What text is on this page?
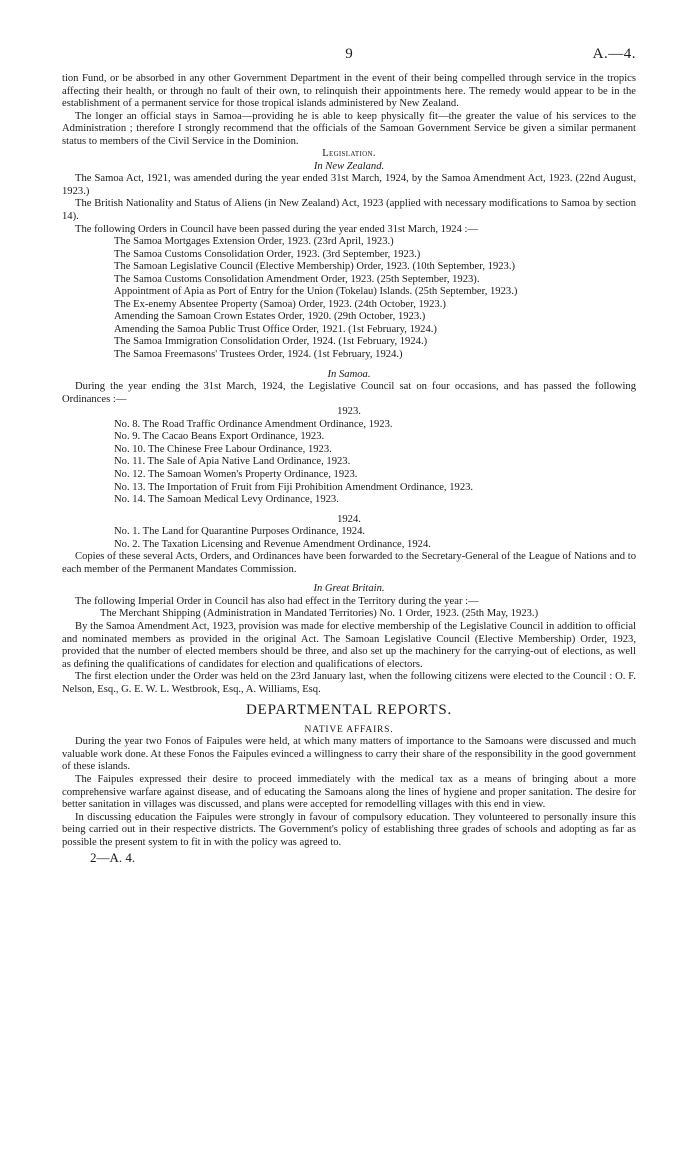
9	A.—4.

tion Fund, or be absorbed in any other Government Department in the event of their being compelled through service in the tropics affecting their health, or through no fault of their own, to relinquish their appointments here. The remedy would appear to be in the establishment of a permanent service for those tropical islands administered by New Zealand.

The longer an official stays in Samoa—providing he is able to keep physically fit—the greater the value of his services to the Administration ; therefore I strongly recommend that the officials of the Samoan Government Service be given a similar permanent status to members of the Civil Service in the Dominion.

Legislation.

In New Zealand.

The Samoa Act, 1921, was amended during the year ended 31st March, 1924, by the Samoa Amendment Act, 1923. (22nd August, 1923.)

The British Nationality and Status of Aliens (in New Zealand) Act, 1923 (applied with necessary modifications to Samoa by section 14).

The following Orders in Council have been passed during the year ended 31st March, 1924 :—

The Samoa Mortgages Extension Order, 1923. (23rd April, 1923.)
The Samoa Customs Consolidation Order, 1923. (3rd September, 1923.)
The Samoan Legislative Council (Elective Membership) Order, 1923. (10th September, 1923.)
The Samoa Customs Consolidation Amendment Order, 1923. (25th September, 1923).
Appointment of Apia as Port of Entry for the Union (Tokelau) Islands. (25th September, 1923.)
The Ex-enemy Absentee Property (Samoa) Order, 1923. (24th October, 1923.)
Amending the Samoan Crown Estates Order, 1920. (29th October, 1923.)
Amending the Samoa Public Trust Office Order, 1921. (1st February, 1924.)
The Samoa Immigration Consolidation Order, 1924. (1st February, 1924.)
The Samoa Freemasons' Trustees Order, 1924. (1st February, 1924.)

In Samoa.

During the year ending the 31st March, 1924, the Legislative Council sat on four occasions, and has passed the following Ordinances :—

1923.

No. 8. The Road Traffic Ordinance Amendment Ordinance, 1923.
No. 9. The Cacao Beans Export Ordinance, 1923.
No. 10. The Chinese Free Labour Ordinance, 1923.
No. 11. The Sale of Apia Native Land Ordinance, 1923.
No. 12. The Samoan Women's Property Ordinance, 1923.
No. 13. The Importation of Fruit from Fiji Prohibition Amendment Ordinance, 1923.
No. 14. The Samoan Medical Levy Ordinance, 1923.

1924.

No. 1. The Land for Quarantine Purposes Ordinance, 1924.
No. 2. The Taxation Licensing and Revenue Amendment Ordinance, 1924.

Copies of these several Acts, Orders, and Ordinances have been forwarded to the Secretary-General of the League of Nations and to each member of the Permanent Mandates Commission.

In Great Britain.

The following Imperial Order in Council has also had effect in the Territory during the year :—

The Merchant Shipping (Administration in Mandated Territories) No. 1 Order, 1923. (25th May, 1923.)

By the Samoa Amendment Act, 1923, provision was made for elective membership of the Legislative Council in addition to official and nominated members as provided in the original Act. The Samoan Legislative Council (Elective Membership) Order, 1923, provided that the number of elected members should be three, and also set up the machinery for the carrying-out of elections, as well as defining the qualifications of candidates for election and qualifications of electors.

The first election under the Order was held on the 23rd January last, when the following citizens were elected to the Council : O. F. Nelson, Esq., G. E. W. L. Westbrook, Esq., A. Williams, Esq.

DEPARTMENTAL REPORTS.

NATIVE AFFAIRS.

During the year two Fonos of Faipules were held, at which many matters of importance to the Samoans were discussed and much valuable work done. At these Fonos the Faipules evinced a willingness to carry their share of the responsibility in the good government of these islands.

The Faipules expressed their desire to proceed immediately with the medical tax as a means of bringing about a more comprehensive warfare against disease, and of educating the Samoans along the lines of hygiene and proper sanitation. The desire for better sanitation in villages was discussed, and plans were accepted for remodelling villages with this end in view.

In discussing education the Faipules were strongly in favour of compulsory education. They volunteered to personally insure this being carried out in their respective districts. The Government's policy of establishing three grades of schools and adopting as far as possible the present system to fit in with the policy was agreed to.

2—A. 4.
